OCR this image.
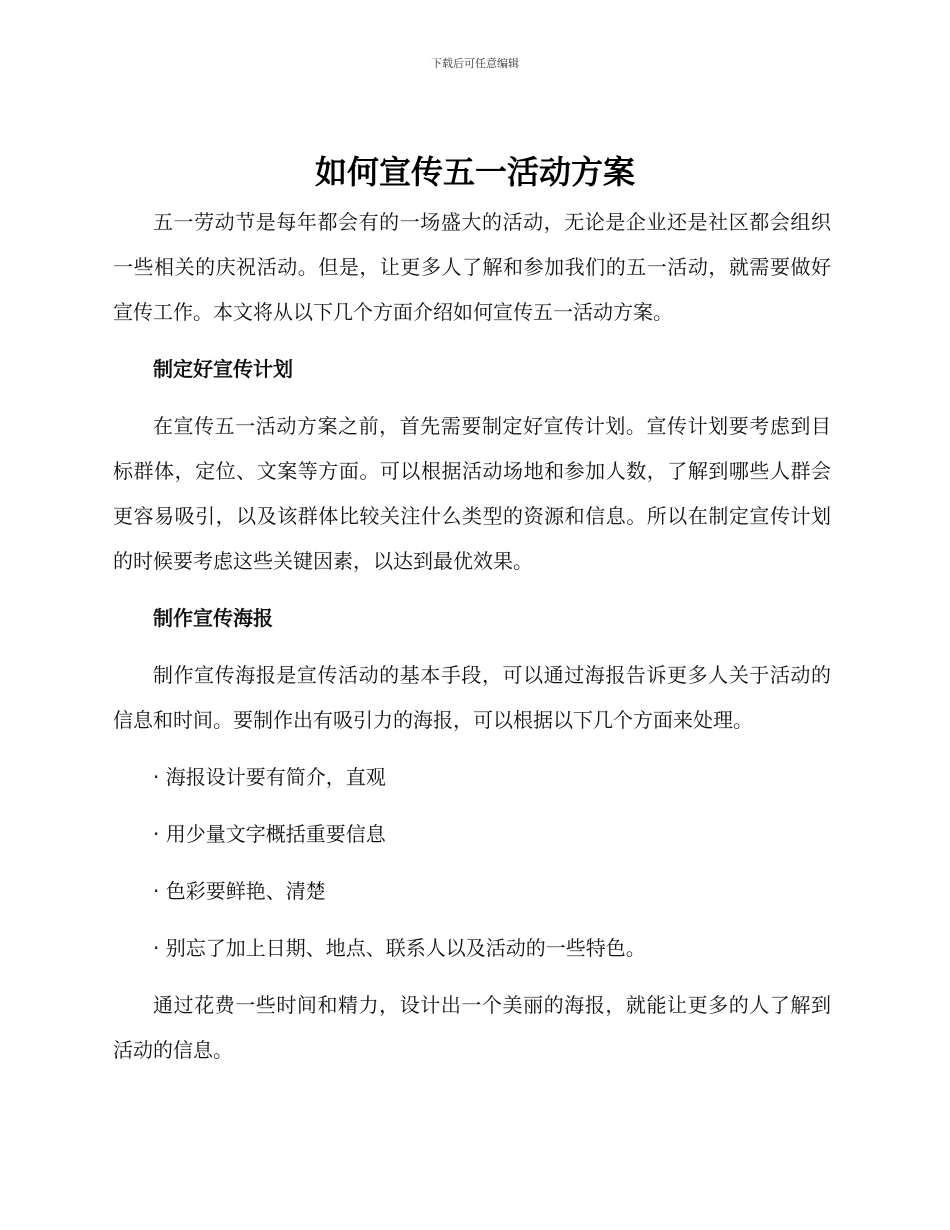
下载后可任意编辑
如何宣传五一活动方案

五一劳动节是每年都会有的一场盛大的活动，无论是企业还是社区都会组织一些相关的庆祝活动。但是，让更多人了解和参加我们的五一活动，就需要做好宣传工作。本文将从以下几个方面介绍如何宣传五一活动方案。

制定好宣传计划

在宣传五一活动方案之前，首先需要制定好宣传计划。宣传计划要考虑到目标群体，定位、文案等方面。可以根据活动场地和参加人数，了解到哪些人群会更容易吸引，以及该群体比较关注什么类型的资源和信息。所以在制定宣传计划的时候要考虑这些关键因素，以达到最优效果。

制作宣传海报

制作宣传海报是宣传活动的基本手段，可以通过海报告诉更多人关于活动的信息和时间。要制作出有吸引力的海报，可以根据以下几个方面来处理。

· 海报设计要有简介，直观
· 用少量文字概括重要信息
· 色彩要鲜艳、清楚
· 别忘了加上日期、地点、联系人以及活动的一些特色。

通过花费一些时间和精力，设计出一个美丽的海报，就能让更多的人了解到活动的信息。
